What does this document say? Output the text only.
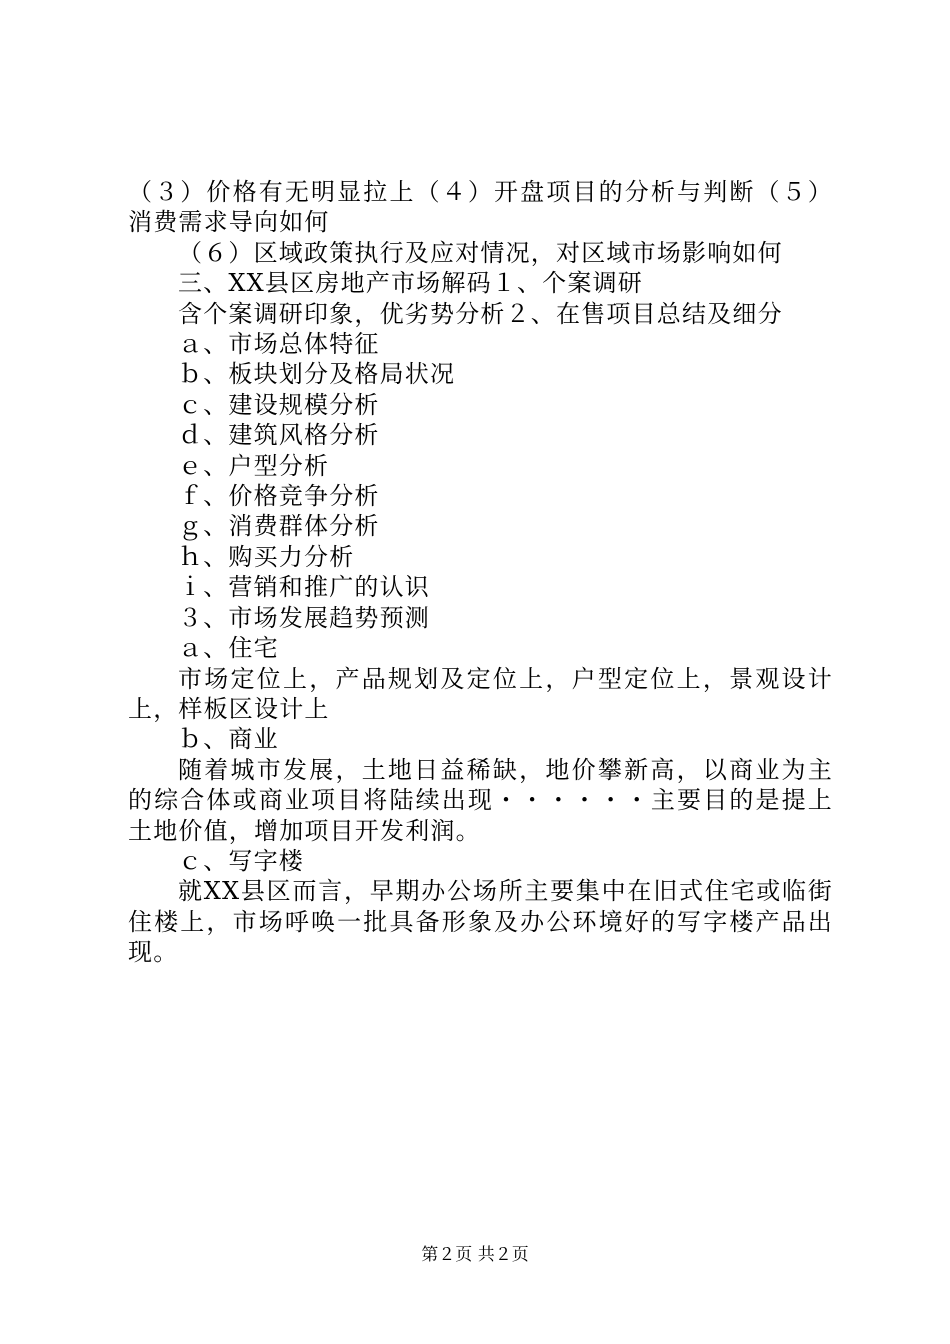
（３）价格有无明显拉上（４）开盘项目的分析与判断（５）消费需求导向如何

（６）区域政策执行及应对情况，对区域市场影响如何

三、XX县区房地产市场解码１、个案调研

含个案调研印象，优劣势分析２、在售项目总结及细分

ａ、市场总体特征

ｂ、板块划分及格局状况

ｃ、建设规模分析

ｄ、建筑风格分析

ｅ、户型分析

ｆ、价格竞争分析

ｇ、消费群体分析

ｈ、购买力分析

ｉ、营销和推广的认识

３、市场发展趋势预测

ａ、住宅

市场定位上，产品规划及定位上，户型定位上，景观设计上，样板区设计上

ｂ、商业

随着城市发展，土地日益稀缺，地价攀新高，以商业为主的综合体或商业项目将陆续出现・・・・・・主要目的是提上土地价值，增加项目开发利润。

ｃ、写字楼

就XX县区而言，早期办公场所主要集中在旧式住宅或临街住楼上，市场呼唤一批具备形象及办公环境好的写字楼产品出现。

第２页 共２页
